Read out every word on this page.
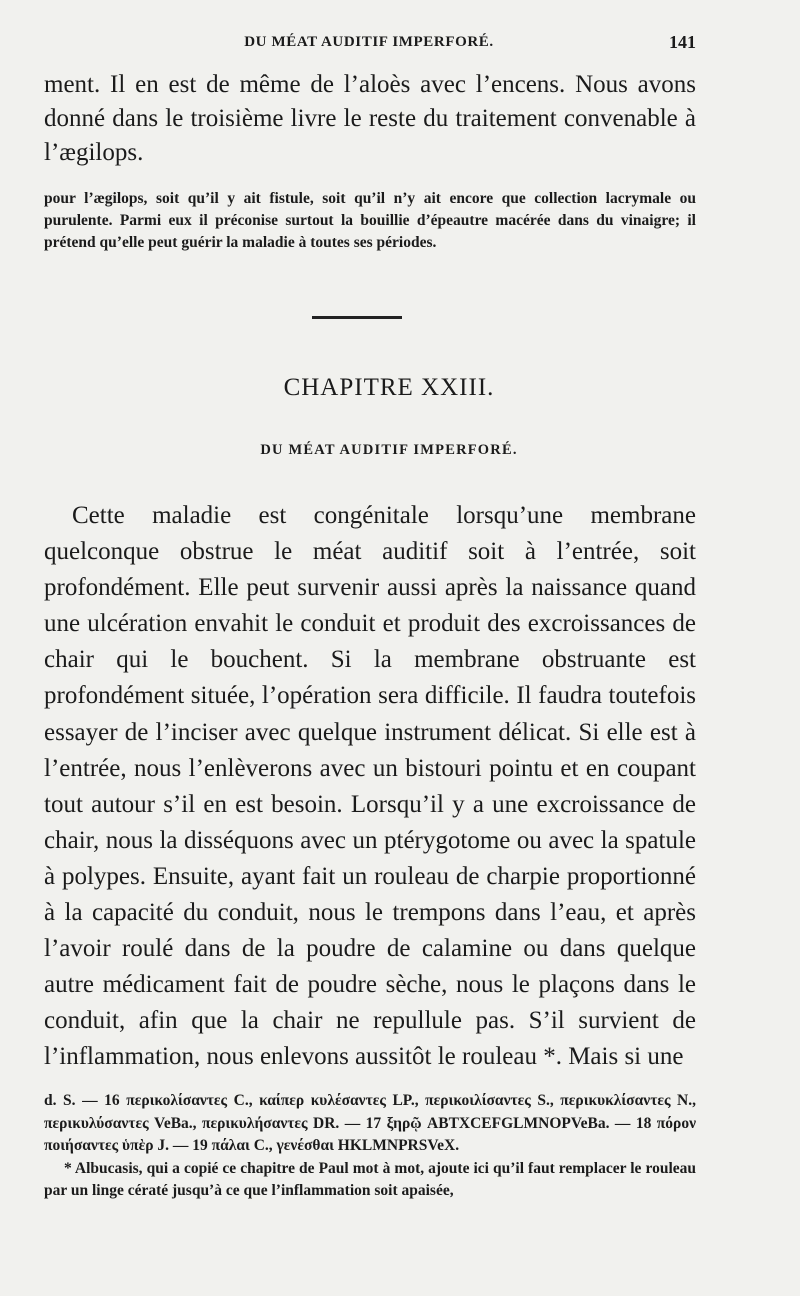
DU MÉAT AUDITIF IMPERFORÉ.	141

ment. Il en est de même de l’aloès avec l’encens. Nous avons donné dans le troisième livre le reste du traitement convenable à l’ægilops.

pour l’ægilops, soit qu’il y ait fistule, soit qu’il n’y ait encore que collection lacrymale ou purulente. Parmi eux il préconise surtout la bouillie d’épeautre macérée dans du vinaigre; il prétend qu’elle peut guérir la maladie à toutes ses périodes.

CHAPITRE XXIII.
DU MÉAT AUDITIF IMPERFORÉ.

Cette maladie est congénitale lorsqu’une membrane quelconque obstrue le méat auditif soit à l’entrée, soit profondément. Elle peut survenir aussi après la naissance quand une ulcération envahit le conduit et produit des excroissances de chair qui le bouchent. Si la membrane obstruante est profondément située, l’opération sera difficile. Il faudra toutefois essayer de l’inciser avec quelque instrument délicat. Si elle est à l’entrée, nous l’enlèverons avec un bistouri pointu et en coupant tout autour s’il en est besoin. Lorsqu’il y a une excroissance de chair, nous la disséquons avec un ptérygotome ou avec la spatule à polypes. Ensuite, ayant fait un rouleau de charpie proportionné à la capacité du conduit, nous le trempons dans l’eau, et après l’avoir roulé dans de la poudre de calamine ou dans quelque autre médicament fait de poudre sèche, nous le plaçons dans le conduit, afin que la chair ne repullule pas. S’il survient de l’inflammation, nous enlevons aussitôt le rouleau *. Mais si une

d. S. — 16 περικολίσαντες C., καίπερ κυλέσαντες LP., περικοιλίσαντες S., περικυκλίσαντες N., περικυλύσαντες VeBa., περικυλήσαντες DR. — 17 ξηρῷ ABTXCEFGLMNOPVeBa. — 18 πόρον ποιήσαντες ὑπὲρ J. — 19 πάλαι C., γενέσθαι HKLMNPRSVeX.

* Albucasis, qui a copié ce chapitre de Paul mot à mot, ajoute ici qu’il faut remplacer le rouleau par un linge cératé jusqu’à ce que l’inflammation soit apaisée,
